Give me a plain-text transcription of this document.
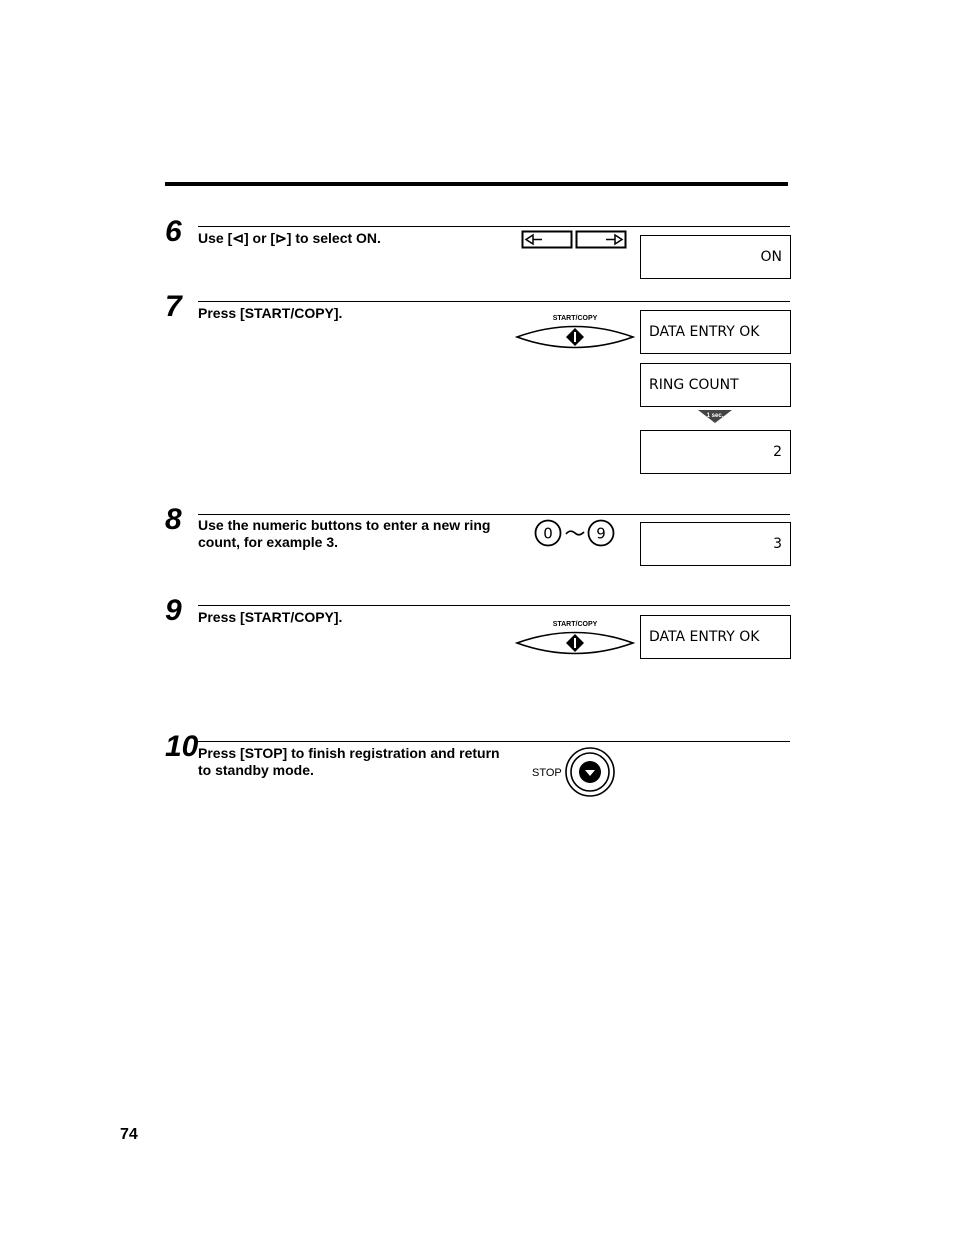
6 Use [⊲] or [⊳] to select ON.
ON
7 Press [START/COPY].	START/COPY
DATA ENTRY OK
RING COUNT
1 sec.
2
8 Use the numeric buttons to enter a new ring count, for example 3.	0	9
3
9 Press [START/COPY].	START/COPY
DATA ENTRY OK
10 Press [STOP] to finish registration and return to standby mode.	STOP
74
